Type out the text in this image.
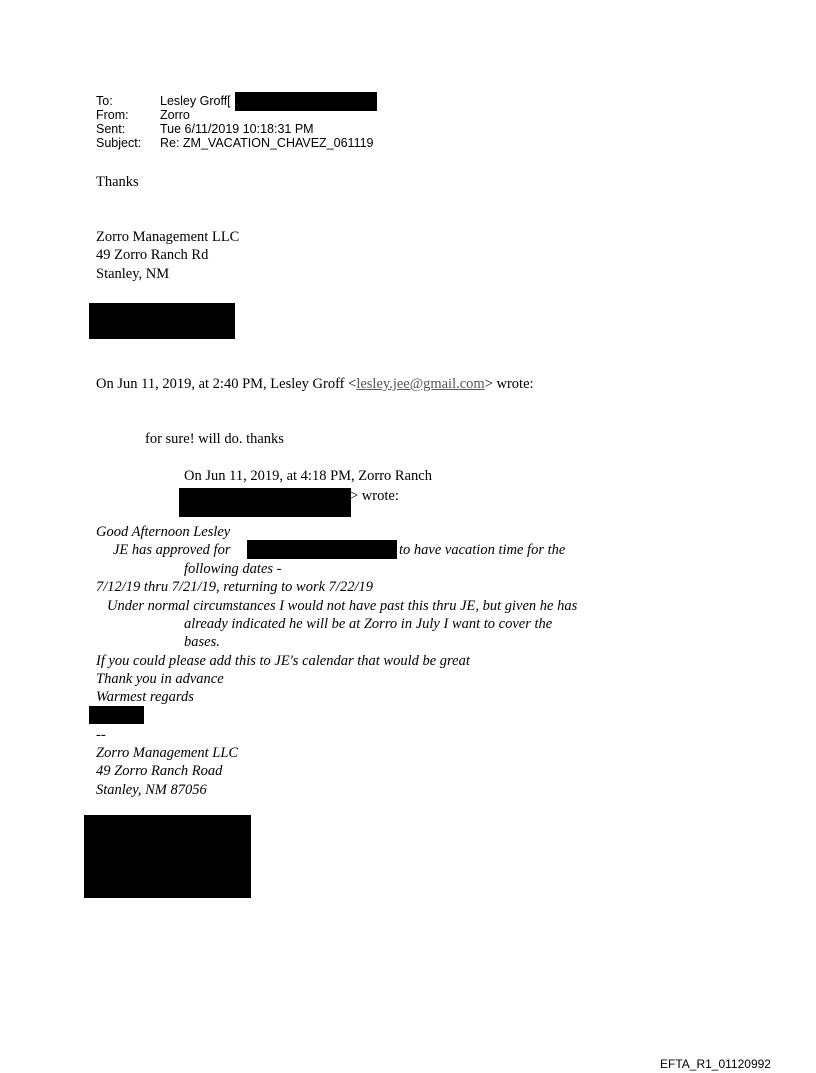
To:	Lesley Groff[
From:	Zorro
Sent:	Tue 6/11/2019 10:18:31 PM
Subject: Re: ZM_VACATION_CHAVEZ_061119
Thanks
Zorro Management LLC
49 Zorro Ranch Rd
Stanley, NM
On Jun 11, 2019, at 2:40 PM, Lesley Groff <lesley.jee@gmail.com> wrote:
for sure! will do. thanks
On Jun 11, 2019, at 4:18 PM, Zorro Ranch
> wrote:
Good Afternoon Lesley
JE has approved for	to have vacation time for the
following dates -
7/12/19 thru 7/21/19, returning to work 7/22/19
Under normal circumstances I would not have past this thru JE, but given he has
already indicated he will be at Zorro in July I want to cover the
bases.
If you could please add this to JE's calendar that would be great
Thank you in advance
Warmest regards
--
Zorro Management LLC
49 Zorro Ranch Road
Stanley, NM 87056
EFTA_R1_01120992
